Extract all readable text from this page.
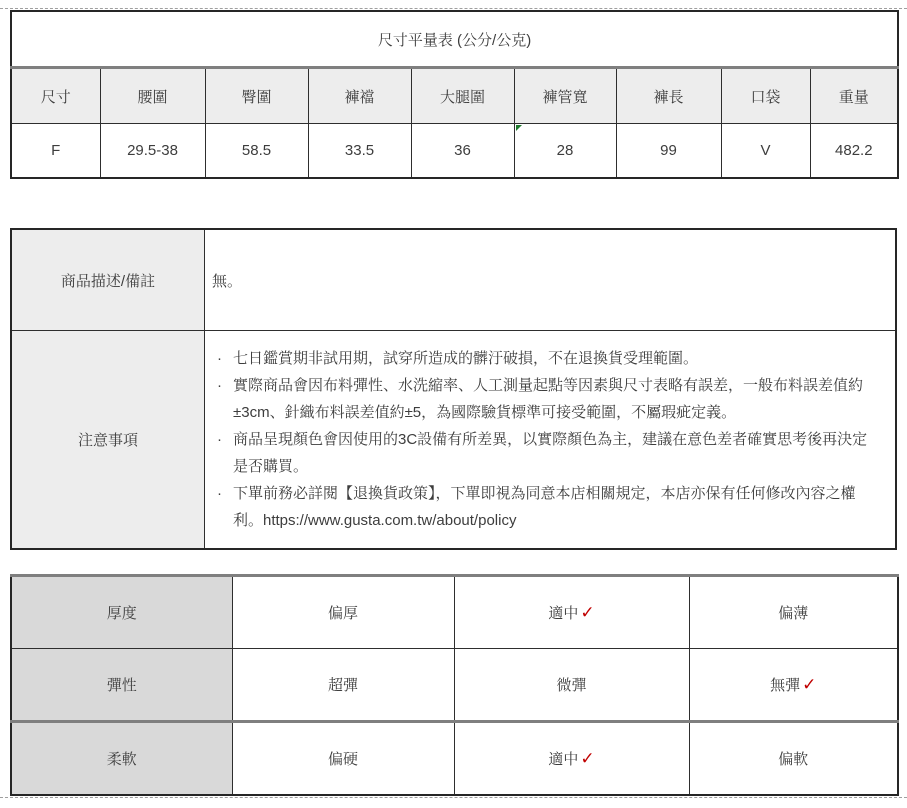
尺寸平量表 (公分/公克)								
尺寸	腰圍	臀圍	褲襠	大腿圍	褲管寬	褲長	口袋	重量
F	29.5-38	58.5	33.5	36	28	99	V	482.2
商品描述/備註	無。
注意事項	
· 七日鑑賞期非試用期，試穿所造成的髒汙破損，不在退換貨受理範圍。
· 實際商品會因布料彈性、水洗縮率、人工測量起點等因素與尺寸表略有誤差，一般布料誤差值約±3cm、針織布料誤差值約±5，為國際驗貨標準可接受範圍，不屬瑕疵定義。
· 商品呈現顏色會因使用的3C設備有所差異，以實際顏色為主，建議在意色差者確實思考後再決定是否購買。
· 下單前務必詳閱【退換貨政策】，下單即視為同意本店相關規定，本店亦保有任何修改內容之權利。https://www.gusta.com.tw/about/policy
厚度	偏厚	適中 ✓	偏薄
彈性	超彈	微彈	無彈 ✓
柔軟	偏硬	適中 ✓	偏軟
